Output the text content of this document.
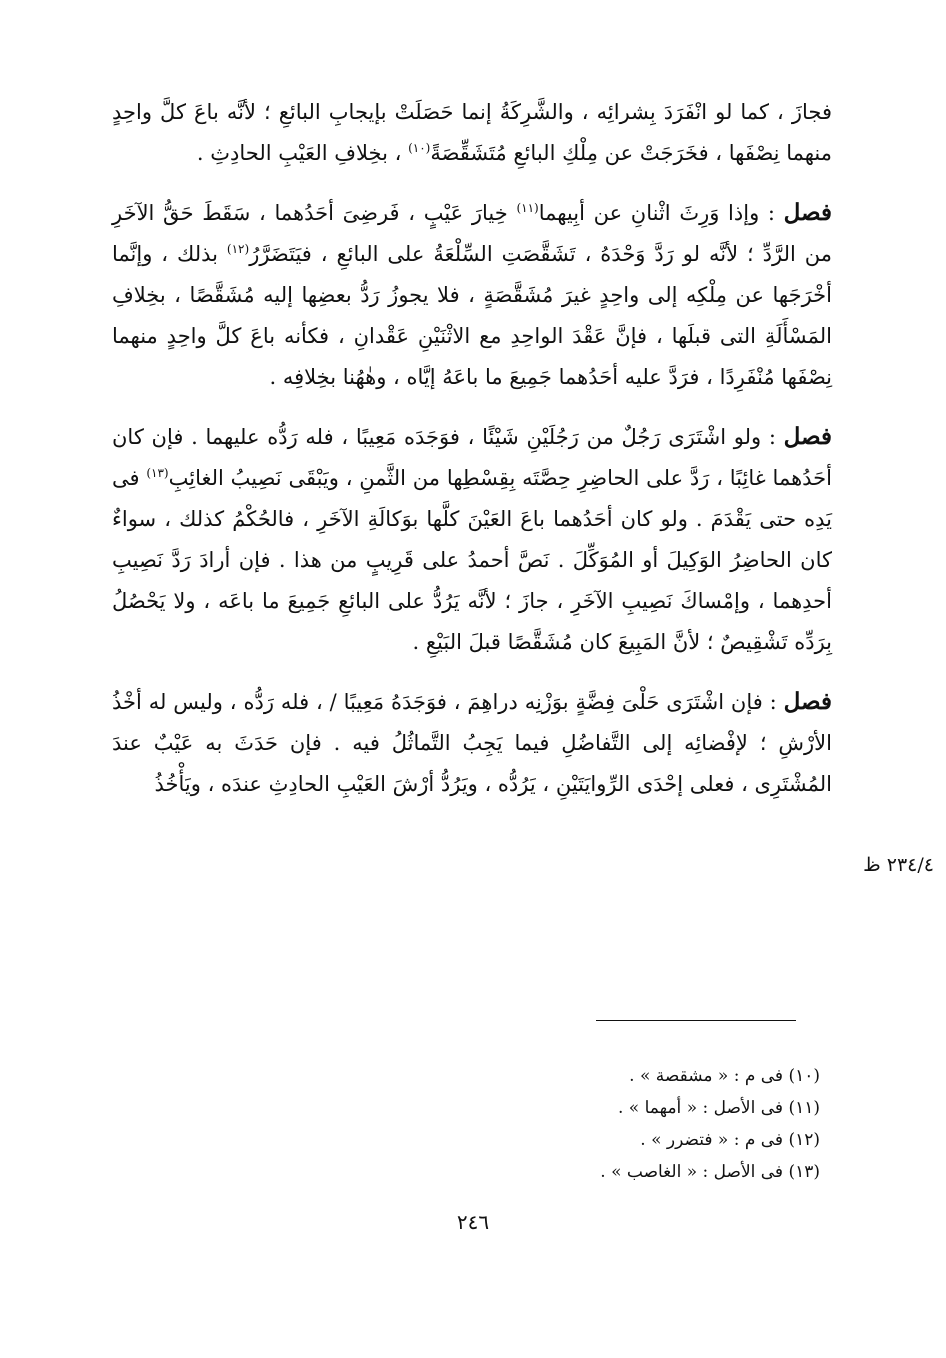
فجازَ ، كما لو انْفَرَدَ بِشرائِه ، والشَّرِكَةُ إنما حَصَلَتْ بإيجابِ البائعِ ؛ لأنَّه باعَ كلَّ واحِدٍ منهما نِصْفَها ، فخَرَجَتْ عن مِلْكِ البائعِ مُتَشَقِّصَةً$^{(١٠)}$ ، بخِلافِ العَيْبِ الحادِثِ .

فصل : وإذا وَرِثَ اثْنانِ عن أبِيهما$^{(١١)}$ خِيارَ عَيْبٍ ، فَرضِىَ أحَدُهما ، سَقَطَ حَقُّ الآخَرِ من الرَّدِّ ؛ لأنَّه لو رَدَّ وَحْدَهُ ، تَشَقَّصَتِ السِّلْعَةُ على البائعِ ، فيَتَضَرَّرُ$^{(١٢)}$ بذلك ، وإنَّما أخْرَجَها عن مِلْكِه إلى واحِدٍ غيرَ مُشَقَّصَةٍ ، فلا يجوزُ رَدُّ بعضِها إليه مُشَقَّصًا ، بخِلافِ المَسْأَلَةِ التى قبلَها ، فإنَّ عَقْدَ الواحِدِ مع الاثْنَيْنِ عَقْدانِ ، فكأنه باعَ كلَّ واحِدٍ منهما نِصْفَها مُنْفَرِدًا ، فرَدَّ عليه أحَدُهما جَمِيعَ ما باعَهُ إيَّاه ، وهٰهُنا بخِلافِه .

فصل : ولو اشْتَرَى رَجُلٌ من رَجُلَيْنِ شَيْئًا ، فوَجَدَه مَعِيبًا ، فله رَدُّه عليهما . فإن كان أحَدُهما غائِبًا ، رَدَّ على الحاضِرِ حِصَّتَه بِقِسْطِها من الثَّمنِ ، ويَبْقَى نَصِيبُ الغائِبِ$^{(١٣)}$ فى يَدِه حتى يَقْدَمَ . ولو كان أحَدُهما باعَ العَيْنَ كلَّها بوَكالَةِ الآخَرِ ، فالحُكْمُ كذلك ، سواءٌ كان الحاضِرُ الوَكِيلَ أو المُوَكِّلَ . نَصَّ أحمدُ على قَرِيبٍ من هذا . فإن أرادَ رَدَّ نَصِيبِ أحدِهما ، وإمْساكَ نَصِيبِ الآخَرِ ، جازَ ؛ لأنَّه يَرُدُّ على البائعِ جَمِيعَ ما باعَه ، ولا يَحْصُلُ بِرَدِّه تَشْقِيصٌ ؛ لأنَّ المَبِيعَ كان مُشَقَّصًا قبلَ البَيْعِ .

فصل : فإن اشْتَرَى حَلْىَ فِضَّةٍ بوَزْنِه دراهِمَ ، فوَجَدَهُ مَعِيبًا / ، فله رَدُّه ، وليس له أخْذُ الأرْشِ ؛ لإفْضائِه إلى التَّفاضُلِ فيما يَجِبُ التَّماثُلُ فيه . فإن حَدَثَ به عَيْبٌ عندَ المُشْتَرِى ، فعلى إحْدَى الرِّوايَتَيْنِ ، يَرُدُّه ، ويَرُدُّ أرْشَ العَيْبِ الحادِثِ عندَه ، ويَأْخُذُ

٢٣٤/٤ ظ
(١٠) فى م : « مشقصة » .
(١١) فى الأصل : « أمهما » .
(١٢) فى م : « فتضرر » .
(١٣) فى الأصل : « الغاصب » .
٢٤٦
